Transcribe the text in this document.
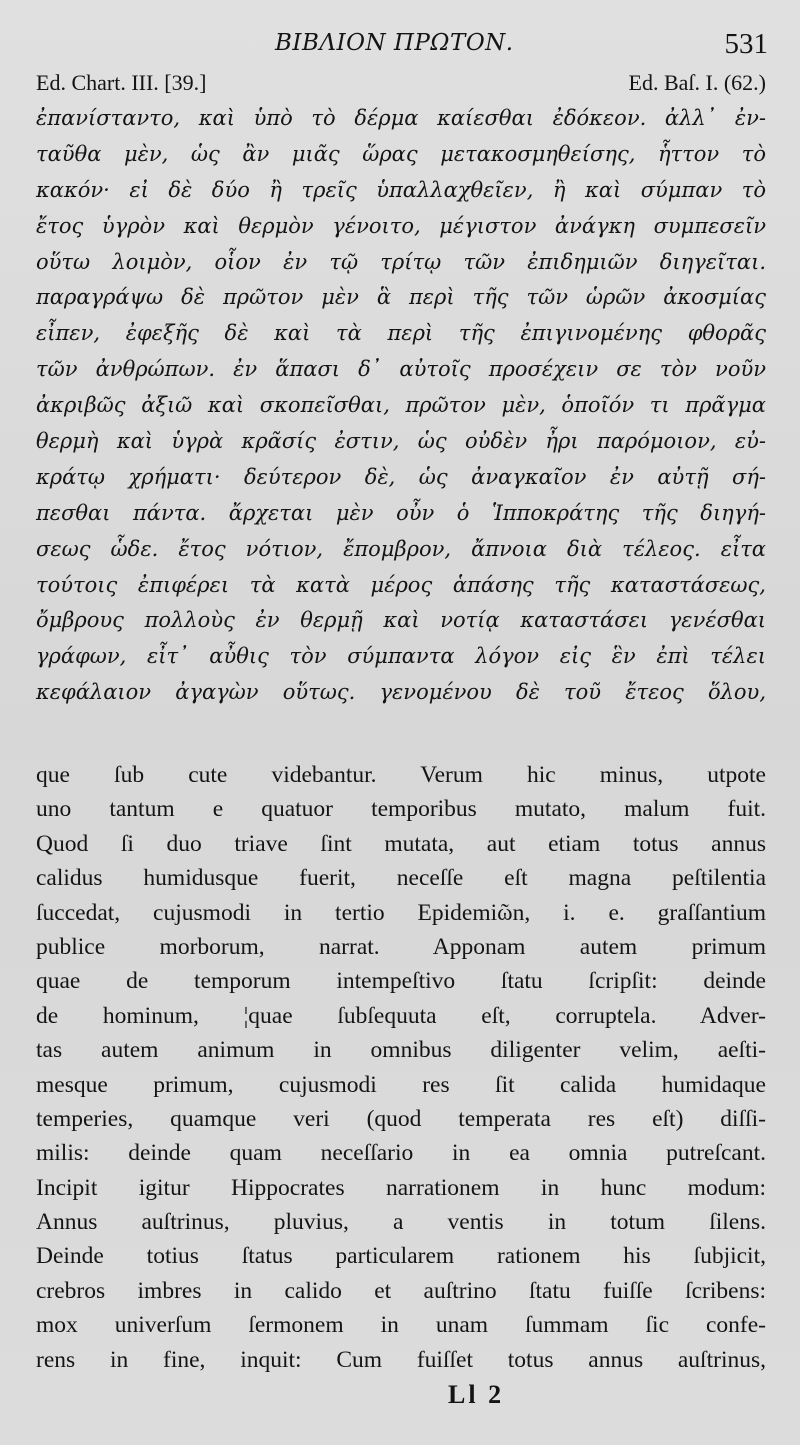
ΒΙΒΛΙΟΝ ΠΡΩΤΟΝ.	531
Ed. Chart. III. [39.]	Ed. Baſ. I. (62.)
ἐπανίσταντο, καὶ ὑπὸ τὸ δέρμα καίεσθαι ἐδόκεον. ἀλλ᾽ ἐν-
ταῦθα μὲν, ὡς ἂν μιᾶς ὥρας μετακοσμηθείσης, ἧττον τὸ
κακόν· εἰ δὲ δύο ἢ τρεῖς ὑπαλλαχθεῖεν, ἢ καὶ σύμπαν τὸ
ἔτος ὑγρὸν καὶ θερμὸν γένοιτο, μέγιστον ἀνάγκη συμπεσεῖν
οὕτω λοιμὸν, οἷον ἐν τῷ τρίτῳ τῶν ἐπιδημιῶν διηγεῖται.
παραγράψω δὲ πρῶτον μὲν ἃ περὶ τῆς τῶν ὡρῶν ἀκοσμίας
εἶπεν, ἐφεξῆς δὲ καὶ τὰ περὶ τῆς ἐπιγινομένης φθορᾶς
τῶν ἀνθρώπων. ἐν ἅπασι δ᾽ αὐτοῖς προσέχειν σε τὸν νοῦν
ἀκριβῶς ἀξιῶ καὶ σκοπεῖσθαι, πρῶτον μὲν, ὁποῖόν τι πρᾶγμα
θερμὴ καὶ ὑγρὰ κρᾶσίς ἐστιν, ὡς οὐδὲν ἦρι παρόμοιον, εὐ-
κράτῳ χρήματι· δεύτερον δὲ, ὡς ἀναγκαῖον ἐν αὐτῇ σή-
πεσθαι πάντα. ἄρχεται μὲν οὖν ὁ Ἱπποκράτης τῆς διηγή-
σεως ὧδε. ἔτος νότιον, ἔπομβρον, ἄπνοια διὰ τέλεος. εἶτα
τούτοις ἐπιφέρει τὰ κατὰ μέρος ἁπάσης τῆς καταστάσεως,
ὄμβρους πολλοὺς ἐν θερμῇ καὶ νοτίᾳ καταστάσει γενέσθαι
γράφων, εἶτ᾽ αὖθις τὸν σύμπαντα λόγον εἰς ἓν ἐπὶ τέλει
κεφάλαιον ἀγαγὼν οὕτως. γενομένου δὲ τοῦ ἔτεος ὅλου,
que ſub cute videbantur. Verum hic minus, utpote
uno tantum e quatuor temporibus mutato, malum fuit.
Quod ſi duo triave ſint mutata, aut etiam totus annus
calidus humidusque fuerit, neceſſe eſt magna peſtilentia
ſuccedat, cujusmodi in tertio Epidemiῶn, i. e. graſſantium
publice morborum, narrat. Apponam autem primum
quae de temporum intempeſtivo ſtatu ſcripſit: deinde
de hominum, ¦quae ſubſequuta eſt, corruptela. Adver-
tas autem animum in omnibus diligenter velim, aeſti-
mesque primum, cujusmodi res ſit calida humidaque
temperies, quamque veri (quod temperata res eſt) diſſi-
milis: deinde quam neceſſario in ea omnia putreſcant.
Incipit igitur Hippocrates narrationem in hunc modum:
Annus auſtrinus, pluvius, a ventis in totum ſilens.
Deinde totius ſtatus particularem rationem his ſubjicit,
crebros imbres in calido et auſtrino ſtatu fuiſſe ſcribens:
mox univerſum ſermonem in unam ſummam ſic confe-
rens in fine, inquit: Cum fuiſſet totus annus auſtrinus,
Ll 2
